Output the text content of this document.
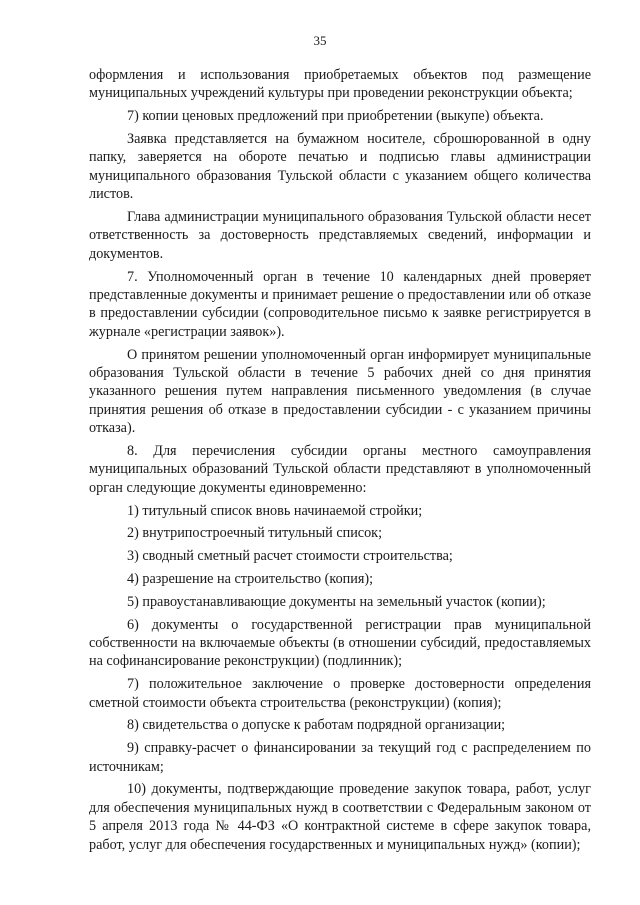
35

оформления и использования приобретаемых объектов под размещение муниципальных учреждений культуры при проведении реконструкции объекта;

7) копии ценовых предложений при приобретении (выкупе) объекта.

Заявка представляется на бумажном носителе, сброшюрованной в одну папку, заверяется на обороте печатью и подписью главы администрации муниципального образования Тульской области с указанием общего количества листов.

Глава администрации муниципального образования Тульской области несет ответственность за достоверность представляемых сведений, информации и документов.

7. Уполномоченный орган в течение 10 календарных дней проверяет представленные документы и принимает решение о предоставлении или об отказе в предоставлении субсидии (сопроводительное письмо к заявке регистрируется в журнале «регистрации заявок»).

О принятом решении уполномоченный орган информирует муниципальные образования Тульской области в течение 5 рабочих дней со дня принятия указанного решения путем направления письменного уведомления (в случае принятия решения об отказе в предоставлении субсидии - с указанием причины отказа).

8. Для перечисления субсидии органы местного самоуправления муниципальных образований Тульской области представляют в уполномоченный орган следующие документы единовременно:

1) титульный список вновь начинаемой стройки;

2) внутрипостроечный титульный список;

3) сводный сметный расчет стоимости строительства;

4) разрешение на строительство (копия);

5) правоустанавливающие документы на земельный участок (копии);

6) документы о государственной регистрации прав муниципальной собственности на включаемые объекты (в отношении субсидий, предоставляемых на софинансирование реконструкции) (подлинник);

7) положительное заключение о проверке достоверности определения сметной стоимости объекта строительства (реконструкции) (копия);

8) свидетельства о допуске к работам подрядной организации;

9) справку-расчет о финансировании за текущий год с распределением по источникам;

10) документы, подтверждающие проведение закупок товара, работ, услуг для обеспечения муниципальных нужд в соответствии с Федеральным законом от 5 апреля 2013 года № 44-ФЗ «О контрактной системе в сфере закупок товара, работ, услуг для обеспечения государственных и муниципальных нужд» (копии);
